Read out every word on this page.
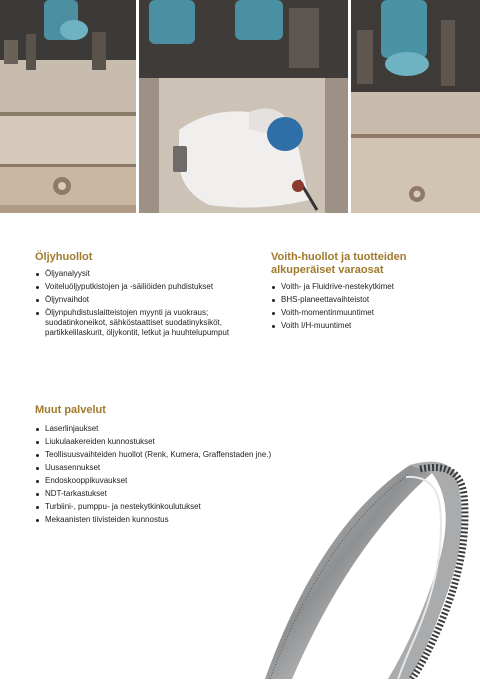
Öljyhuollot
Öljyanalyysit
Voiteluöljyputkistojen ja -säiliöiden puhdistukset
Öljynvaihdot
Öljynpuhdistuslaitteistojen myynti ja vuokraus; suodatinkoneikot, sähköstaattiset suodatinyksiköt, partikkelilaskurit, öljykontit, letkut ja huuhtelupumput
Voith-huollot ja tuotteiden alkuperäiset varaosat
Voith- ja Fluidrive-nestekytkimet
BHS-planeettavaihteistot
Voith-momentinmuuntimet
Voith I/H-muuntimet
Muut palvelut
Laserlinjaukset
Liukulaakereiden kunnostukset
Teollisuusvaihteiden huollot (Renk, Kumera, Graffenstaden jne.)
Uusasennukset
Endoskooppikuvaukset
NDT-tarkastukset
Turbiini-, pumppu- ja nestekytkinkoulutukset
Mekaanisten tiivisteiden kunnostus
